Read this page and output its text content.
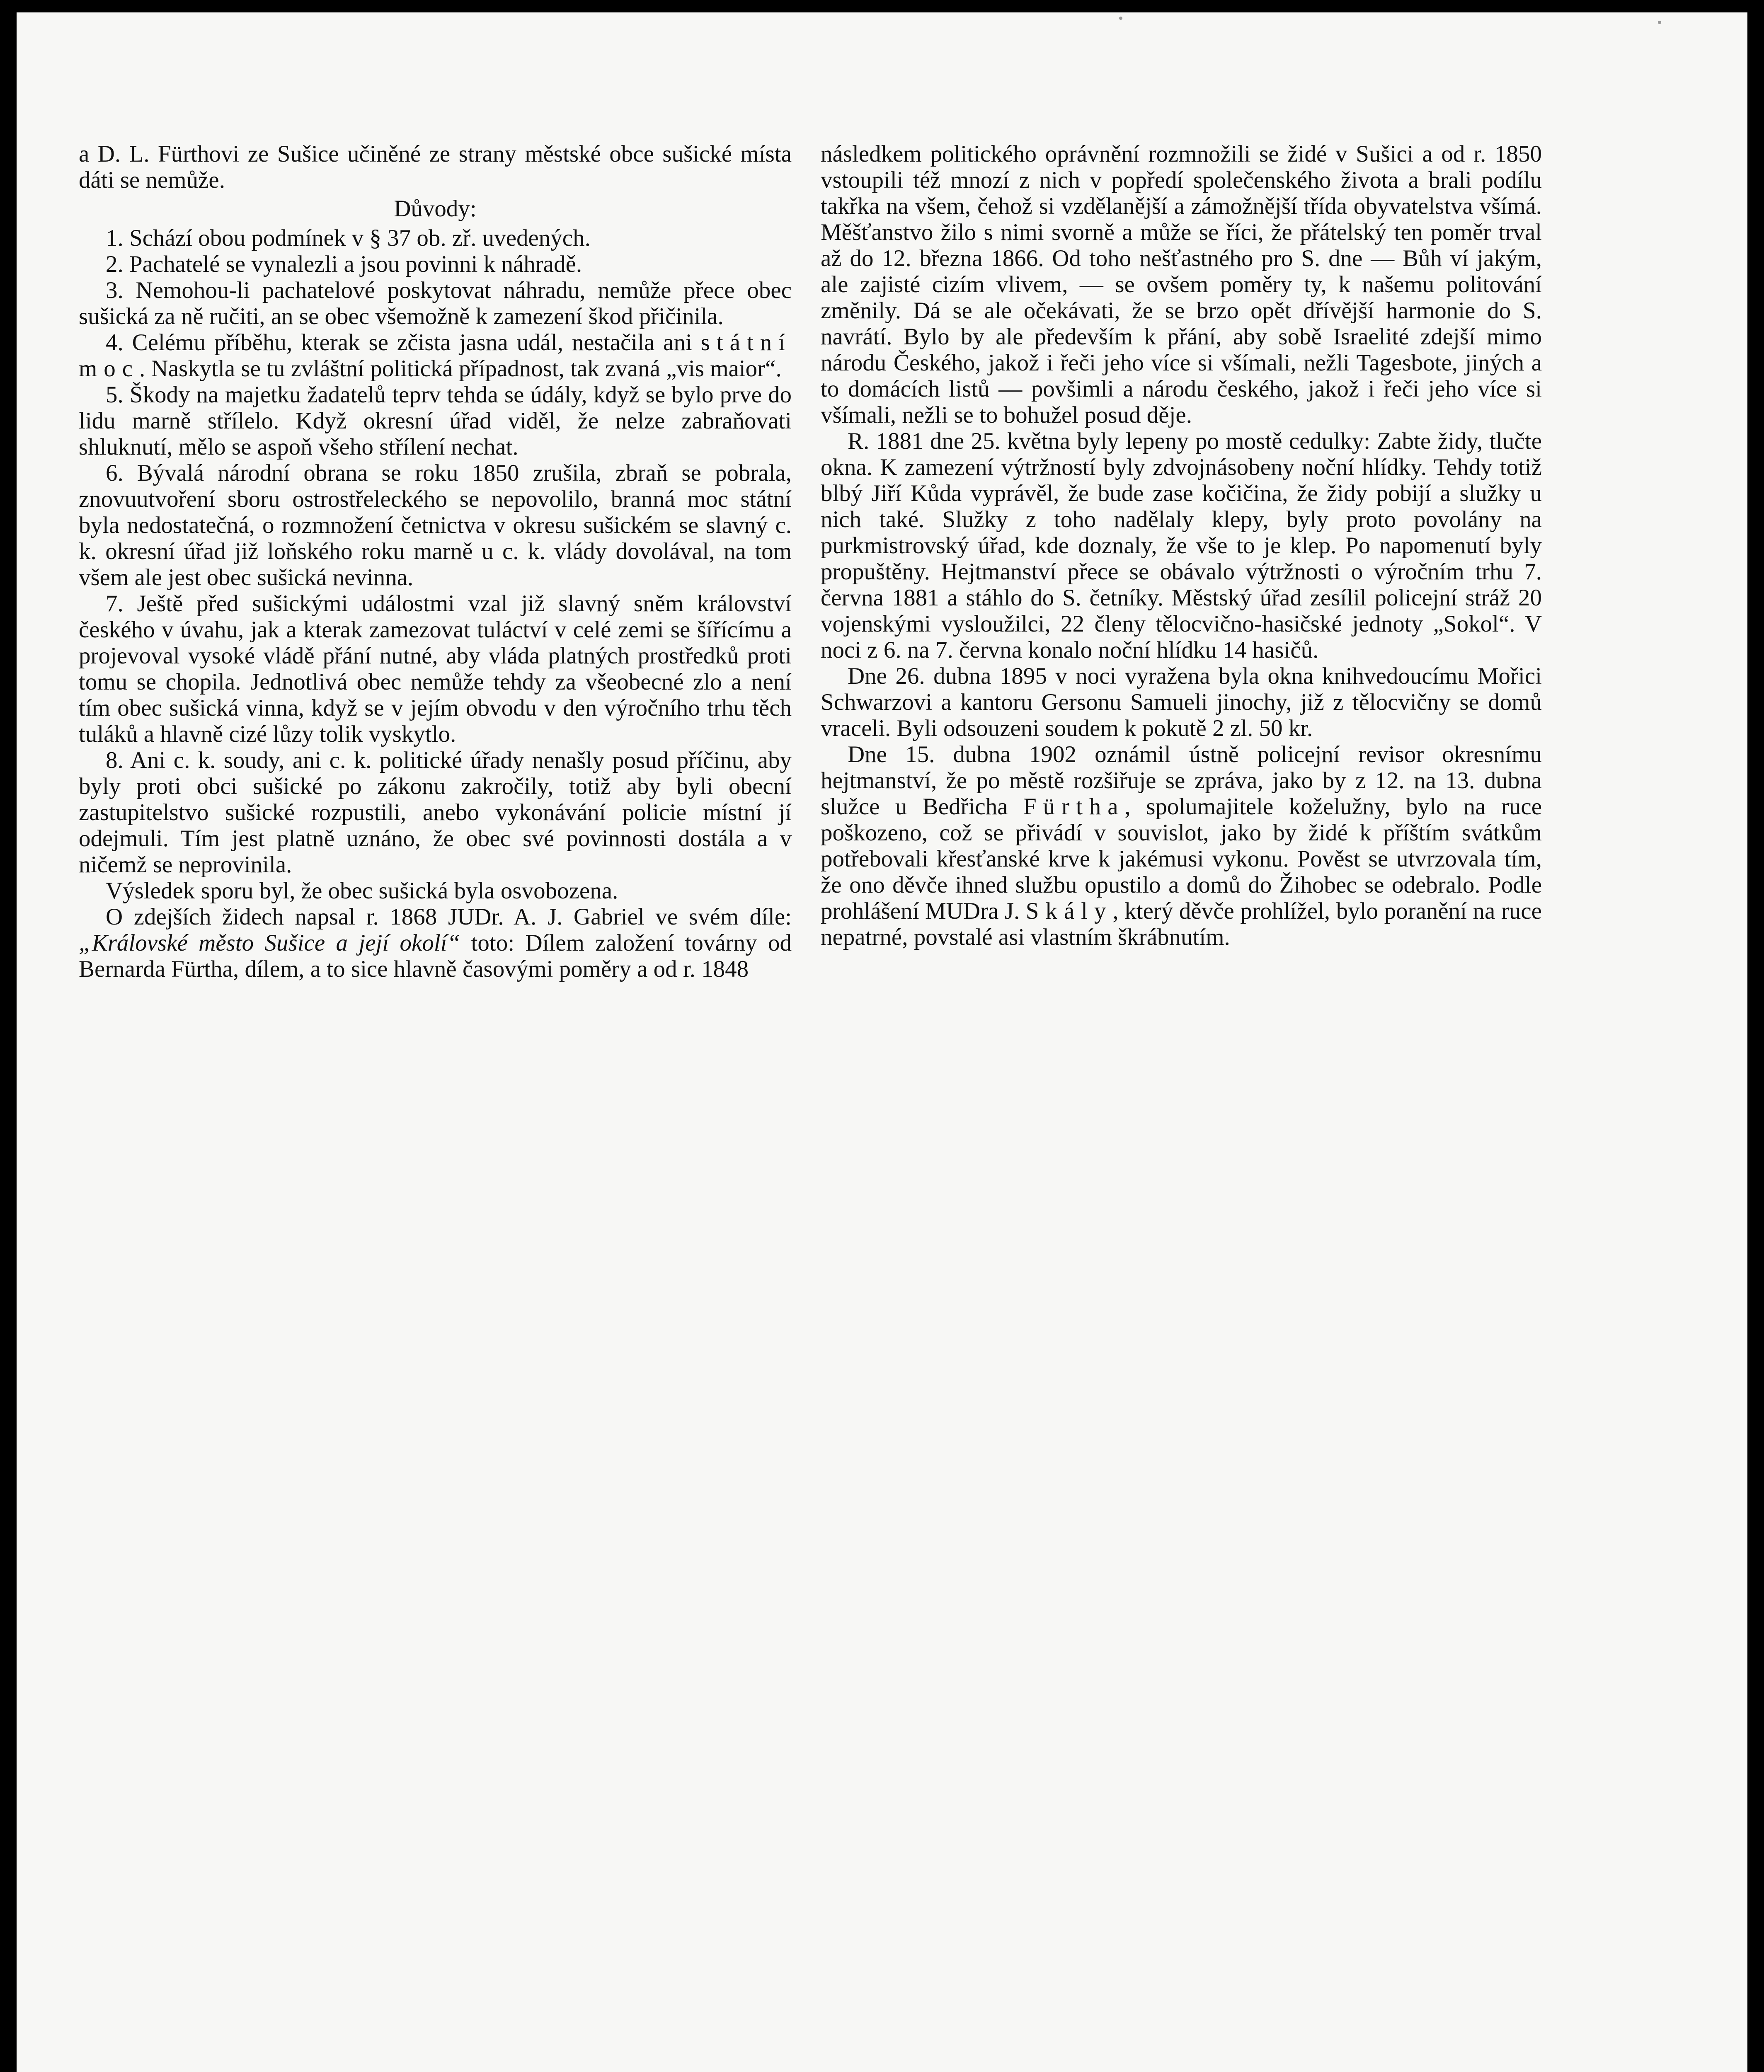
a D. L. Fürthovi ze Sušice učiněné ze strany městské obce sušické místa dáti se nemůže.

Důvody:

1. Schází obou podmínek v § 37 ob. zř. uvedených.

2. Pachatelé se vynalezli a jsou povinni k náhradě.

3. Nemohou-li pachatelové poskytovat náhradu, nemůže přece obec sušická za ně ručiti, an se obec všemožně k zamezení škod přičinila.

4. Celému příběhu, kterak se zčista jasna udál, nestačila ani státní moc. Naskytla se tu zvláštní politická případnost, tak zvaná „vis maior“.

5. Škody na majetku žadatelů teprv tehda se údály, když se bylo prve do lidu marně střílelo. Když okresní úřad viděl, že nelze zabraňovati shluknutí, mělo se aspoň všeho střílení nechat.

6. Bývalá národní obrana se roku 1850 zrušila, zbraň se pobrala, znovuutvoření sboru ostrostřeleckého se nepovolilo, branná moc státní byla nedostatečná, o rozmnožení četnictva v okresu sušickém se slavný c. k. okresní úřad již loňského roku marně u c. k. vlády dovolával, na tom všem ale jest obec sušická nevinna.

7. Ještě před sušickými událostmi vzal již slavný sněm království českého v úvahu, jak a kterak zamezovat tuláctví v celé zemi se šířícímu a projevoval vysoké vládě přání nutné, aby vláda platných prostředků proti tomu se chopila. Jednotlivá obec nemůže tehdy za všeobecné zlo a není tím obec sušická vinna, když se v jejím obvodu v den výročního trhu těch tuláků a hlavně cizé lůzy tolik vyskytlo.

8. Ani c. k. soudy, ani c. k. politické úřady nenašly posud příčinu, aby byly proti obci sušické po zákonu zakročily, totiž aby byli obecní zastupitelstvo sušické rozpustili, anebo vykonávání policie místní jí odejmuli. Tím jest platně uznáno, že obec své povinnosti dostála a v ničemž se neprovinila.

Výsledek sporu byl, že obec sušická byla osvobozena.

O zdejších židech napsal r. 1868 JUDr. A. J. Gabriel ve svém díle: „Královské město Sušice a její okolí“ toto: Dílem založení továrny od Bernarda Fürtha, dílem, a to sice hlavně časovými poměry a od r. 1848

následkem politického oprávnění rozmnožili se židé v Sušici a od r. 1850 vstoupili též mnozí z nich v popředí společenského života a brali podílu takřka na všem, čehož si vzdělanější a zámožnější třída obyvatelstva všímá. Měšťanstvo žilo s nimi svorně a může se říci, že přátelský ten poměr trval až do 12. března 1866. Od toho nešťastného pro S. dne — Bůh ví jakým, ale zajisté cizím vlivem, — se ovšem poměry ty, k našemu politování změnily. Dá se ale očekávati, že se brzo opět dřívější harmonie do S. navrátí. Bylo by ale především k přání, aby sobě Israelité zdejší mimo národu Českého, jakož i řeči jeho více si všímali, nežli Tagesbote, jiných a to domácích listů — povšimli a národu českého, jakož i řeči jeho více si všímali, nežli se to bohužel posud děje.

R. 1881 dne 25. května byly lepeny po mostě cedulky: Zabte židy, tlučte okna. K zamezení výtržností byly zdvojnásobeny noční hlídky. Tehdy totiž blbý Jiří Kůda vyprávěl, že bude zase kočičina, že židy pobijí a služky u nich také. Služky z toho nadělaly klepy, byly proto povolány na purkmistrovský úřad, kde doznaly, že vše to je klep. Po napomenutí byly propuštěny. Hejtmanství přece se obávalo výtržnosti o výročním trhu 7. června 1881 a stáhlo do S. četníky. Městský úřad zesílil policejní stráž 20 vojenskými vysloužilci, 22 členy tělocvično-hasičské jednoty „Sokol“. V noci z 6. na 7. června konalo noční hlídku 14 hasičů.

Dne 26. dubna 1895 v noci vyražena byla okna knihvedoucímu Mořici Schwarzovi a kantoru Gersonu Samueli jinochy, již z tělocvičny se domů vraceli. Byli odsouzeni soudem k pokutě 2 zl. 50 kr.

Dne 15. dubna 1902 oznámil ústně policejní revisor okresnímu hejtmanství, že po městě rozšiřuje se zpráva, jako by z 12. na 13. dubna služce u Bedřicha Fürtha, spolumajitele koželužny, bylo na ruce poškozeno, což se přivádí v souvislot, jako by židé k příštím svátkům potřebovali křesťanské krve k jakémusi vykonu. Pověst se utvrzovala tím, že ono děvče ihned službu opustilo a domů do Žihobec se odebralo. Podle prohlášení MUDra J. Skály, který děvče prohlížel, bylo poranění na ruce nepatrné, povstalé asi vlastním škrábnutím.
